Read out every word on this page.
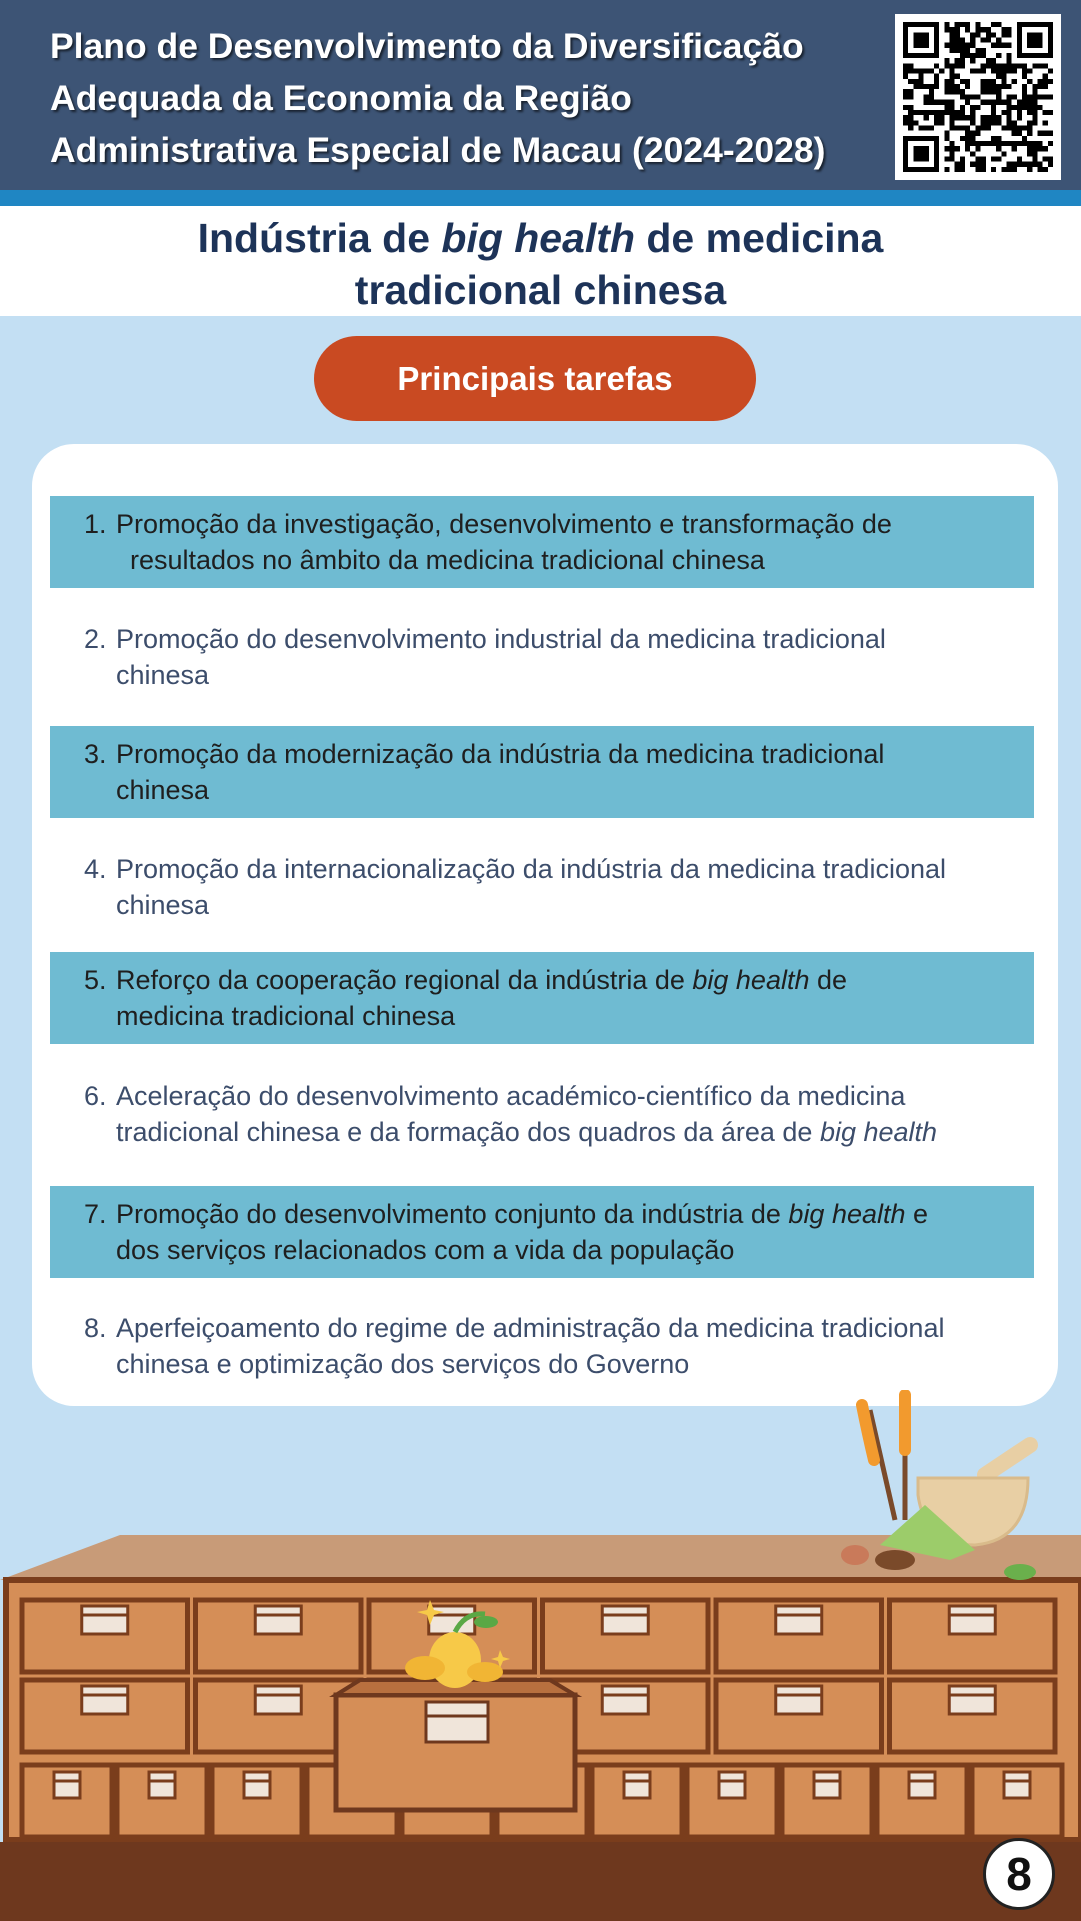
Plano de Desenvolvimento da Diversificação
Adequada da Economia da Região
Administrativa Especial de Macau (2024-2028)
Indústria de big health de medicina
tradicional chinesa
Principais tarefas
1. Promoção da investigação, desenvolvimento e transformação de
resultados no âmbito da medicina tradicional chinesa
2. Promoção do desenvolvimento industrial da medicina tradicional
chinesa
3. Promoção da modernização da indústria da medicina tradicional
chinesa
4. Promoção da internacionalização da indústria da medicina tradicional
chinesa
5. Reforço da cooperação regional da indústria de big health de
medicina tradicional chinesa
6. Aceleração do desenvolvimento académico-científico da medicina
tradicional chinesa e da formação dos quadros da área de big health
7. Promoção do desenvolvimento conjunto da indústria de big health e
dos serviços relacionados com a vida da população
8. Aperfeiçoamento do regime de administração da medicina tradicional
chinesa e optimização dos serviços do Governo
8
